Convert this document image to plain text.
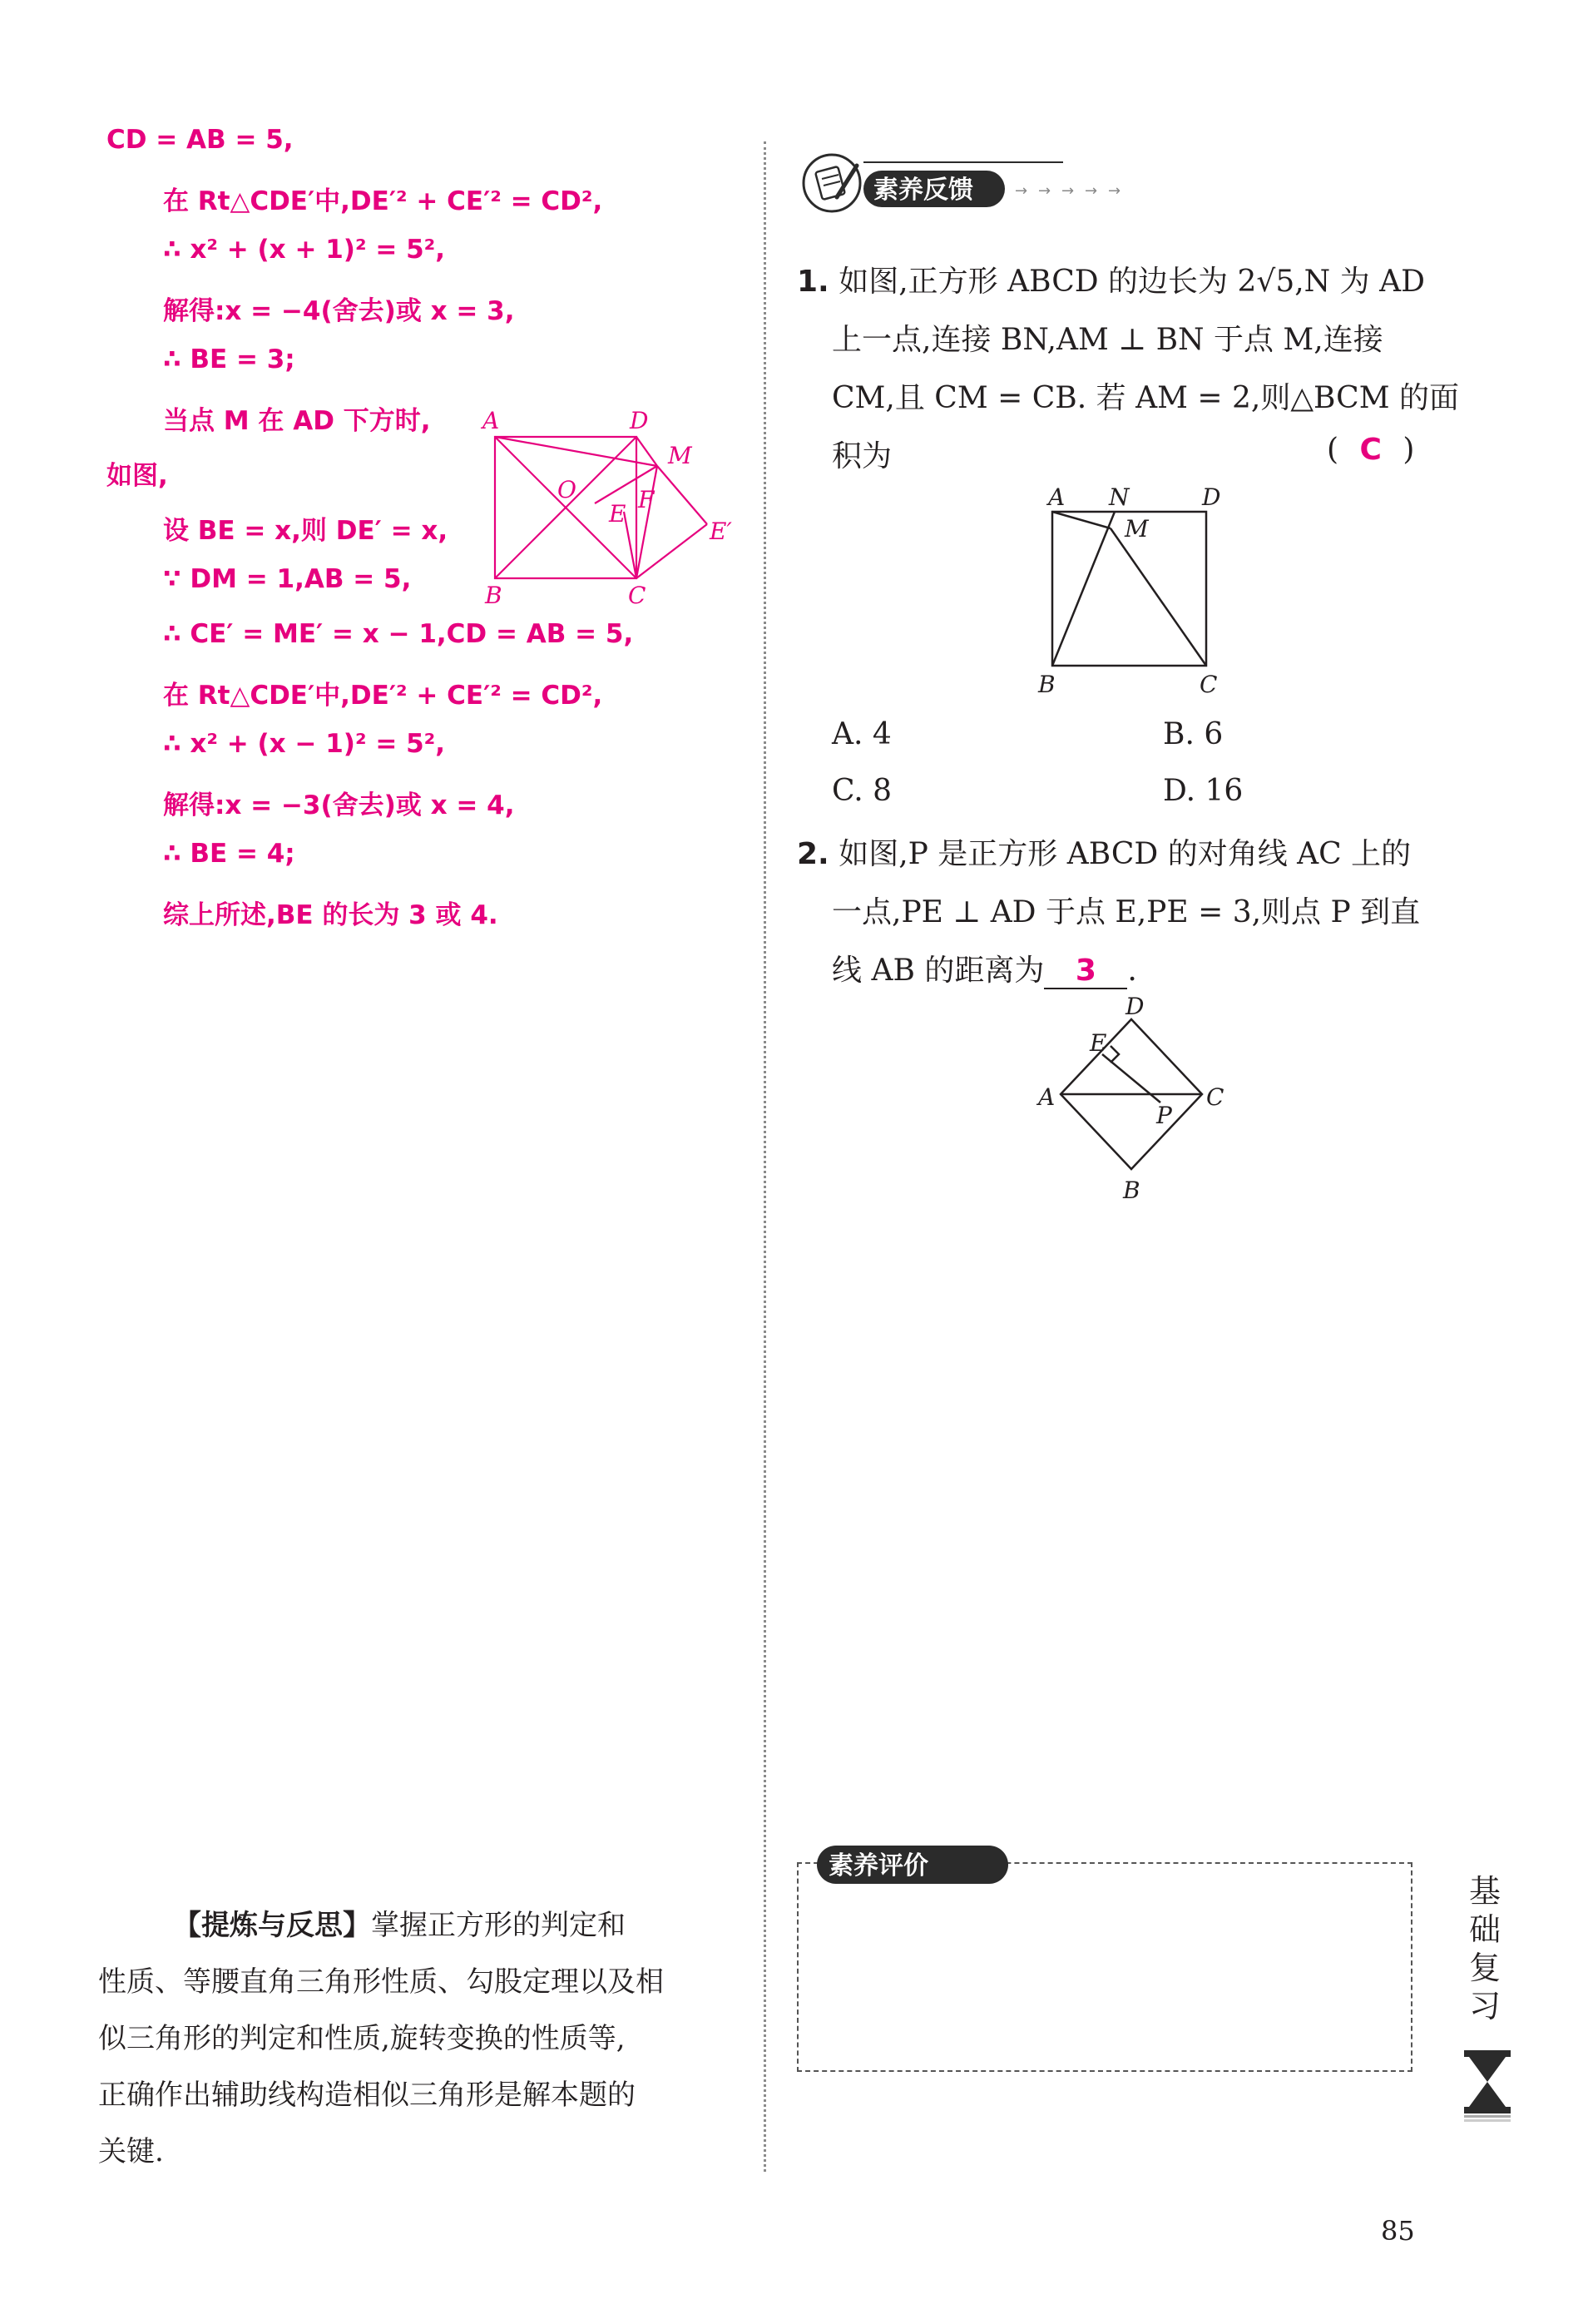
CD = AB = 5,
在 Rt△CDE′中,DE′² + CE′² = CD²,
∴ x² + (x + 1)² = 5²,
解得:x = −4(舍去)或 x = 3,
∴ BE = 3;
当点 M 在 AD 下方时,
如图,
设 BE = x,则 DE′ = x,
∵ DM = 1,AB = 5,
∴ CE′ = ME′ = x − 1,CD = AB = 5,
在 Rt△CDE′中,DE′² + CE′² = CD²,
∴ x² + (x − 1)² = 5²,
解得:x = −3(舍去)或 x = 4,
∴ BE = 4;
综上所述,BE 的长为 3 或 4.
A	D
M
O	F
E
E′
B	C
【提炼与反思】掌握正方形的判定和
性质、等腰直角三角形性质、勾股定理以及相
似三角形的判定和性质,旋转变换的性质等,
正确作出辅助线构造相似三角形是解本题的
关键.
素养反馈	→ → → → →
1. 如图,正方形 ABCD 的边长为 2√5,N 为 AD
上一点,连接 BN,AM ⊥ BN 于点 M,连接
CM,且 CM = CB. 若 AM = 2,则△BCM 的面
积为	( C )
A N	D
M
B	C
A. 4	B. 6
C. 8	D. 16
2. 如图,P 是正方形 ABCD 的对角线 AC 上的
一点,PE ⊥ AD 于点 E,PE = 3,则点 P 到直
线 AB 的距离为 3 .
D
E
A
P
C
B
素养评价
基
础
复
习
85
